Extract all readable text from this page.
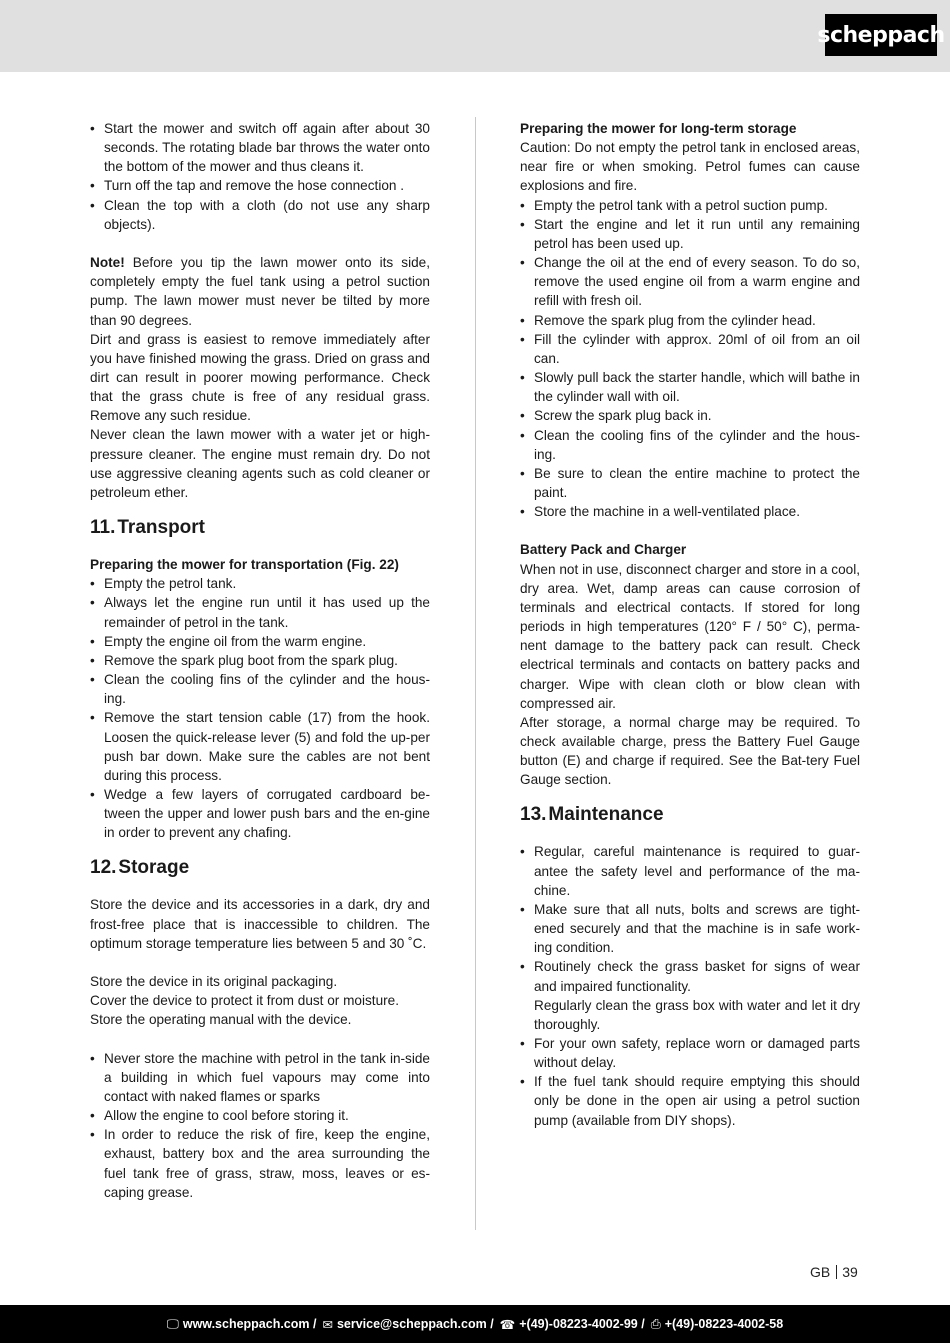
scheppach
• Start the mower and switch off again after about 30 seconds. The rotating blade bar throws the water onto the bottom of the mower and thus cleans it.
• Turn off the tap and remove the hose connection .
• Clean the top with a cloth (do not use any sharp objects).

Note! Before you tip the lawn mower onto its side, completely empty the fuel tank using a petrol suction pump. The lawn mower must never be tilted by more than 90 degrees.

Dirt and grass is easiest to remove immediately after you have finished mowing the grass. Dried on grass and dirt can result in poorer mowing performance. Check that the grass chute is free of any residual grass. Remove any such residue.

Never clean the lawn mower with a water jet or high-pressure cleaner. The engine must remain dry. Do not use aggressive cleaning agents such as cold cleaner or petroleum ether.

11. Transport
Preparing the mower for transportation (Fig. 22)
• Empty the petrol tank.
• Always let the engine run until it has used up the remainder of petrol in the tank.
• Empty the engine oil from the warm engine.
• Remove the spark plug boot from the spark plug.
• Clean the cooling fins of the cylinder and the hous-ing.
• Remove the start tension cable (17) from the hook. Loosen the quick-release lever (5) and fold the up-per push bar down. Make sure the cables are not bent during this process.
• Wedge a few layers of corrugated cardboard be-tween the upper and lower push bars and the en-gine in order to prevent any chafing.
12. Storage

Store the device and its accessories in a dark, dry and frost-free place that is inaccessible to children. The optimum storage temperature lies between 5 and 30 ˚C.

Store the device in its original packaging.

Cover the device to protect it from dust or moisture.

Store the operating manual with the device.

• Never store the machine with petrol in the tank in-side a building in which fuel vapours may come into contact with naked flames or sparks
• Allow the engine to cool before storing it.
• In order to reduce the risk of fire, keep the engine, exhaust, battery box and the area surrounding the fuel tank free of grass, straw, moss, leaves or es-caping grease.
Preparing the mower for long-term storage

Caution: Do not empty the petrol tank in enclosed areas, near fire or when smoking. Petrol fumes can cause explosions and fire.

• Empty the petrol tank with a petrol suction pump.
• Start the engine and let it run until any remaining petrol has been used up.
• Change the oil at the end of every season. To do so, remove the used engine oil from a warm engine and refill with fresh oil.
• Remove the spark plug from the cylinder head.
• Fill the cylinder with approx. 20ml of oil from an oil can.
• Slowly pull back the starter handle, which will bathe in the cylinder wall with oil.
• Screw the spark plug back in.
• Clean the cooling fins of the cylinder and the hous-ing.
• Be sure to clean the entire machine to protect the paint.
• Store the machine in a well-ventilated place.
Battery Pack and Charger

When not in use, disconnect charger and store in a cool, dry area. Wet, damp areas can cause corrosion of terminals and electrical contacts. If stored for long periods in high temperatures (120° F / 50° C), perma-nent damage to the battery pack can result. Check electrical terminals and contacts on battery packs and charger. Wipe with clean cloth or blow clean with compressed air.

After storage, a normal charge may be required. To check available charge, press the Battery Fuel Gauge button (E) and charge if required. See the Bat-tery Fuel Gauge section.

13. Maintenance
• Regular, careful maintenance is required to guar-antee the safety level and performance of the ma-chine.
• Make sure that all nuts, bolts and screws are tight-ened securely and that the machine is in safe work-ing condition.
• Routinely check the grass basket for signs of wear and impaired functionality.
Regularly clean the grass box with water and let it dry thoroughly.
• For your own safety, replace worn or damaged parts without delay.
• If the fuel tank should require emptying this should only be done in the open air using a petrol suction pump (available from DIY shops).
GB 39
🖵 www.scheppach.com / ✉ service@scheppach.com / ☎ +(49)-08223-4002-99 / ⎙ +(49)-08223-4002-58
